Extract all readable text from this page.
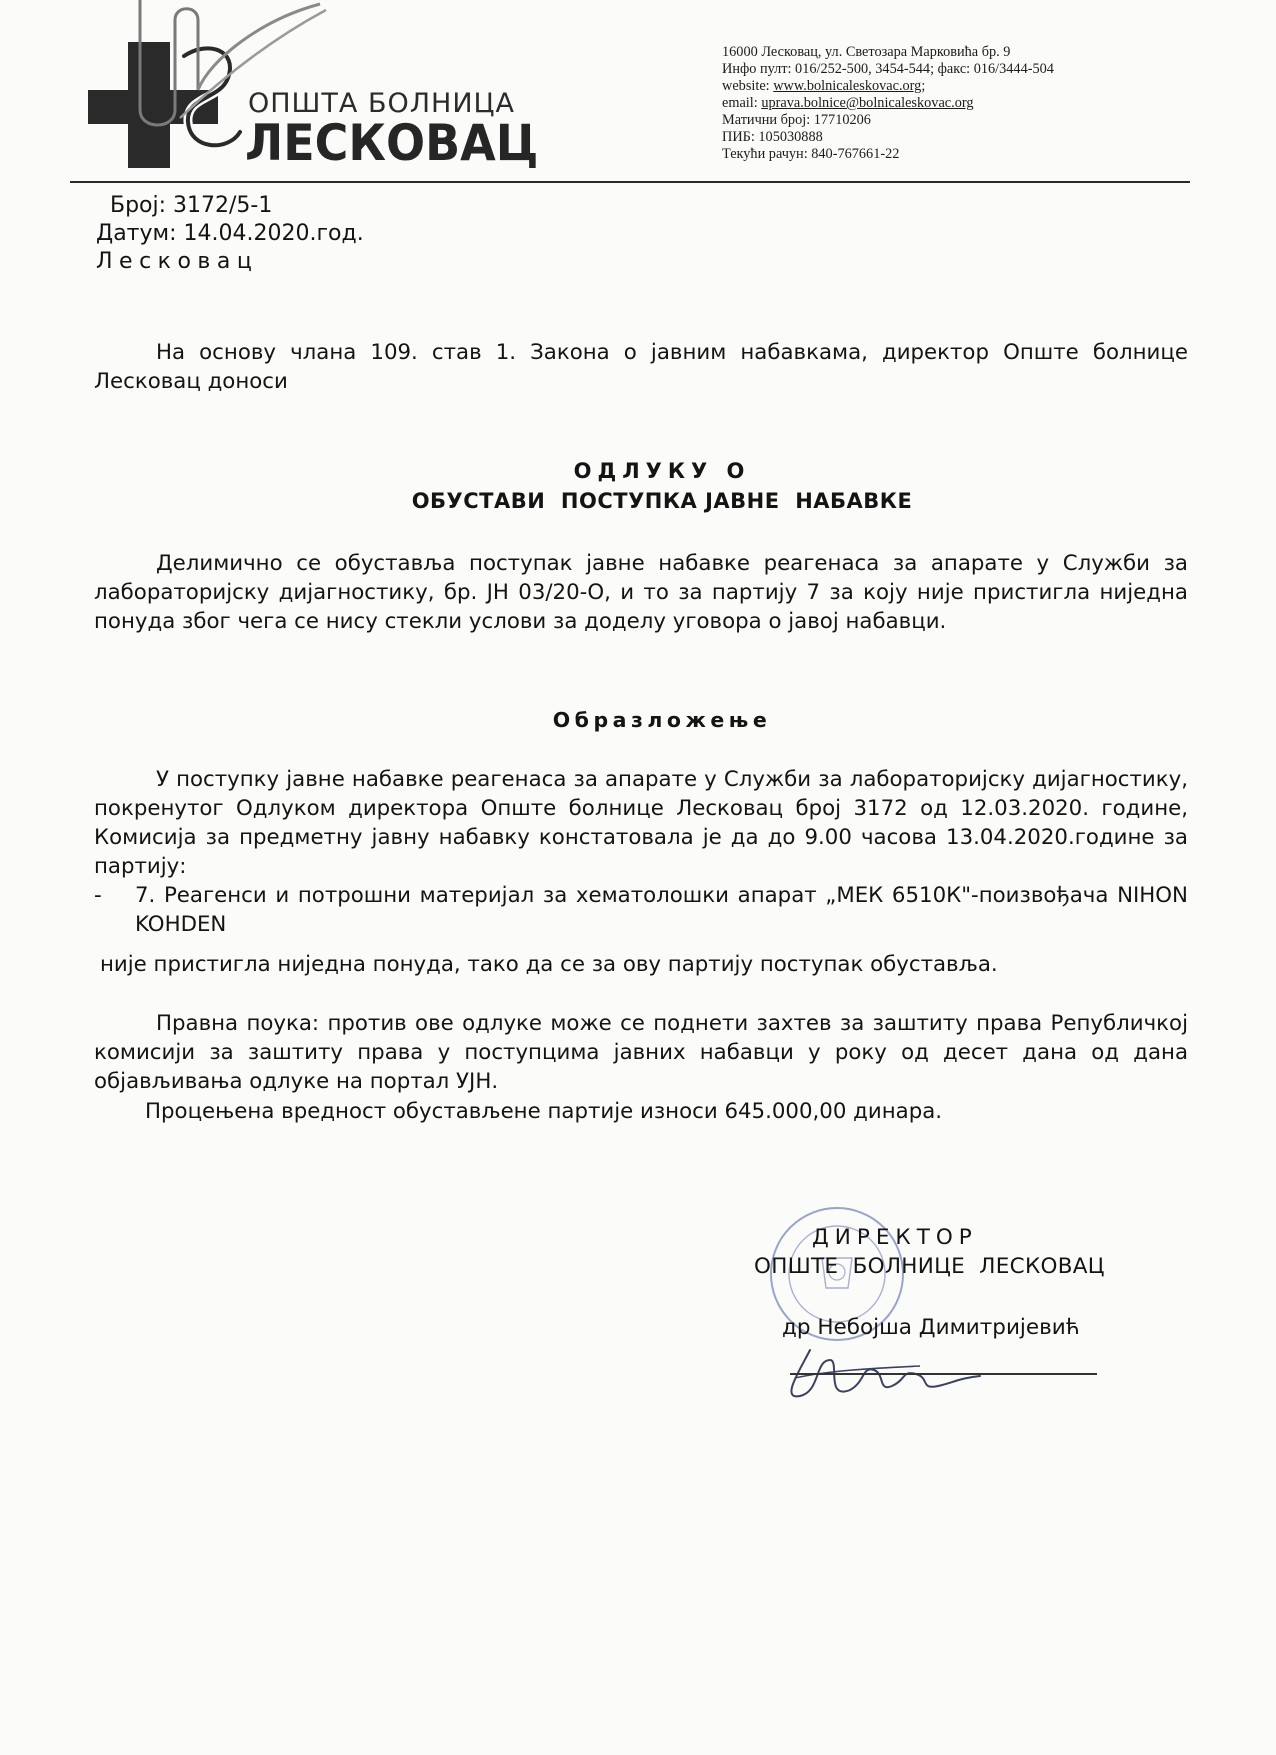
ОПШТА БОЛНИЦА
ЛЕСКОВАЦ
16000 Лесковац, ул. Светозара Марковића бр. 9
Инфо пулт: 016/252-500, 3454-544; факс: 016/3444-504
website: www.bolnicaleskovac.org;
email: uprava.bolnice@bolnicaleskovac.org
Матични број: 17710206
ПИБ: 105030888
Текући рачун: 840-767661-22
Број: 3172/5-1
Датум: 14.04.2020.год.
Лесковац
На основу члана 109. став 1. Закона о јавним набавкама, директор Опште болнице Лесковац доноси
ОДЛУКУ О
ОБУСТАВИ  ПОСТУПКА ЈАВНЕ  НАБАВКЕ
Делимично се обуставља поступак јавне набавке реагенаса за апарате у Служби за лабораторијску дијагностику, бр. ЈН 03/20-О, и то за партију 7 за коју није пристигла ниједна понуда због чега се нису стекли услови за доделу уговора о јавој набавци.
Образложење
У поступку јавне набавке реагенаса за апарате у Служби за лабораторијску дијагностику, покренутог Одлуком директора Опште болнице Лесковац број 3172 од 12.03.2020. године, Комисија за предметну јавну набавку констатовала је да до 9.00 часова 13.04.2020.године за партију:
- 7. Реагенси и потрошни материјал за хематолошки апарат „МЕК 6510К"-поизвођача NIHON KOHDEN
није пристигла ниједна понуда, тако да се за ову партију поступак обуставља.
Правна поука: против ове одлуке може се поднети захтев за заштиту права Републичкој комисији за заштиту права у поступцима јавних набавци у року од десет дана од дана објављивања одлуке на портал УЈН.
Процењена вредност обустављене партије износи 645.000,00 динара.
ДИРЕКТОР
ОПШТЕ  БОЛНИЦЕ  ЛЕСКОВАЦ
др Небојша Димитријевић
